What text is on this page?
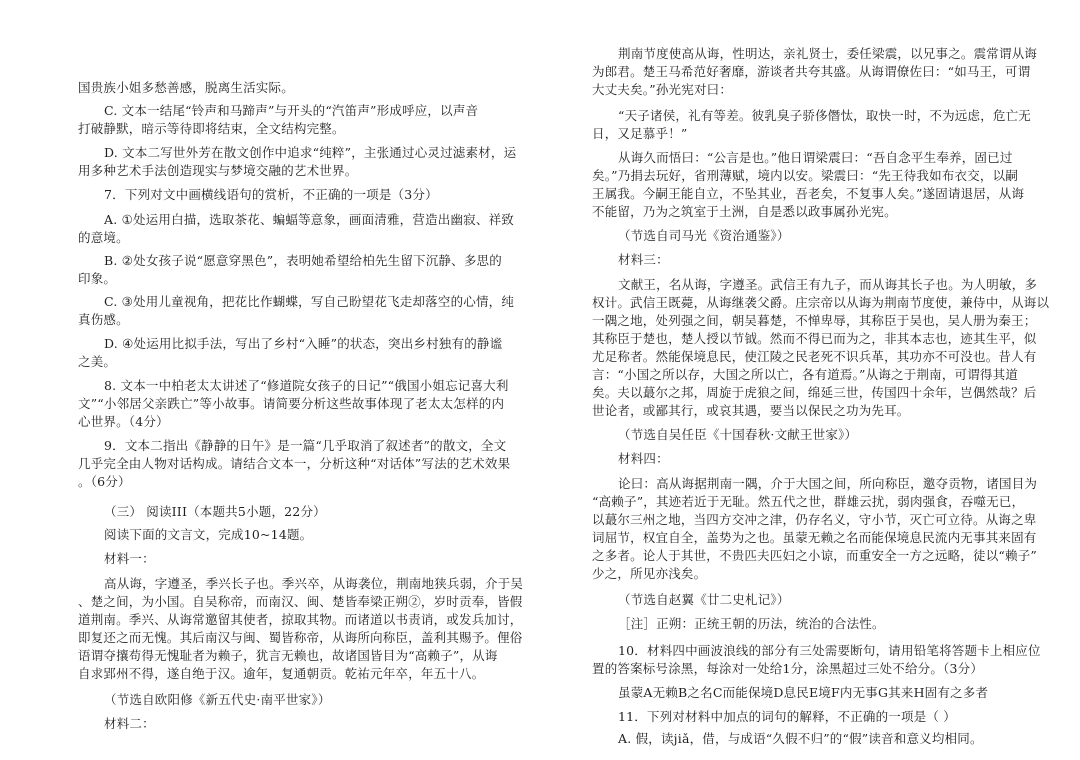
国贵族小姐多愁善感，脱离生活实际。
C. 文本一结尾“铃声和马蹄声”与开头的“汽笛声”形成呼应，以声音
打破静默，暗示等待即将结束，全文结构完整。
D. 文本二写世外芳在散文创作中追求“纯粹”，主张通过心灵过滤素材，运
用多种艺术手法创造现实与梦境交融的艺术世界。
7．下列对文中画横线语句的赏析，不正确的一项是（3分）
A. ①处运用白描，选取茶花、蝙蝠等意象，画面清雅，营造出幽寂、祥致
的意境。
B. ②处女孩子说“愿意穿黑色”，表明她希望给柏先生留下沉静、多思的
印象。
C. ③处用儿童视角，把花比作蝴蝶，写自己盼望花飞走却落空的心情，纯
真伤感。
D. ④处运用比拟手法，写出了乡村“入睡”的状态，突出乡村独有的静谧
之美。
8. 文本一中柏老太太讲述了“修道院女孩子的日记”“俄国小姐忘记喜大利
文”“小邻居父亲跌亡”等小故事。请简要分析这些故事体现了老太太怎样的内
心世界。（4分）
9．文本二指出《静静的日午》是一篇“几乎取消了叙述者”的散文，全文
几乎完全由人物对话构成。请结合文本一，分析这种“对话体”写法的艺术效果
。（6分）
（三） 阅读III（本题共5小题，22分）
阅读下面的文言文，完成10~14题。
材料一：
高从诲，字遵圣，季兴长子也。季兴卒，从诲袭位，荆南地狭兵弱，介于吴
、楚之间，为小国。自吴称帝，而南汉、闽、楚皆奉梁正朔②，岁时贡奉，皆假
道荆南。季兴、从诲常邀留其使者，掠取其物。而诸道以书责诮，或发兵加讨，
即复还之而无愧。其后南汉与闽、蜀皆称帝，从诲所向称臣，盖利其赐予。俚俗
语谓夺攘苟得无愧耻者为赖子，犹言无赖也，故诸国皆目为“高赖子”，从诲
自求郢州不得，遂自绝于汉。逾年，复通朝贡。乾祐元年卒，年五十八。
（节选自欧阳修《新五代史·南平世家》）
材料二：
荆南节度使高从诲，性明达，亲礼贤士，委任梁震，以兄事之。震常谓从诲
为郎君。楚王马希范好奢靡，游谈者共夸其盛。从诲谓僚佐曰：“如马王，可谓
大丈夫矣。”孙光宪对曰：
“天子诸侯，礼有等差。彼乳臭子骄侈僭忲，取快一时，不为远虑，危亡无
日，又足慕乎！”
从诲久而悟曰：“公言是也。”他日谓梁震曰：“吾自念平生奉养，固已过
矣。”乃捐去玩好，省刑薄赋，境内以安。梁震曰：“先王待我如布衣交，以嗣
王属我。今嗣王能自立，不坠其业，吾老矣，不复事人矣。”遂固请退居，从诲
不能留，乃为之筑室于土洲，自是悉以政事属孙光宪。
（节选自司马光《资治通鉴》）
材料三：
文献王，名从诲，字遵圣。武信王有九子，而从诲其长子也。为人明敏，多
权计。武信王既薨，从诲继袭父爵。庄宗帝以从诲为荆南节度使，兼侍中，从诲以
一隅之地，处列强之间，朝吴暮楚，不惮卑辱，其称臣于吴也，吴人册为秦王；
其称臣于楚也，楚人授以节钺。然而不得已而为之，非其本志也，迹其生平，似
尤足称者。然能保境息民，使江陵之民老死不识兵革，其功亦不可没也。昔人有
言：“小国之所以存，大国之所以亡，各有道焉。”从诲之于荆南，可谓得其道
矣。夫以蕞尔之邦，周旋于虎狼之间，绵延三世，传国四十余年，岂偶然哉？后
世论者，或鄙其行，或哀其遇，要当以保民之功为先耳。
（节选自吴任臣《十国春秋·文献王世家》）
材料四：
论曰：高从诲据荆南一隅，介于大国之间，所向称臣，邀夺贡物，诸国目为
“高赖子”，其迹若近于无耻。然五代之世，群雄云扰，弱肉强食，吞噬无已，
以蕞尔三州之地，当四方交冲之津，仍存名义，守小节，灭亡可立待。从诲之卑
词屈节，权宜自全，盖势为之也。虽蒙无赖之名而能保境息民流内无事其来固有
之多者。论人于其世，不贵匹夫匹妇之小谅，而重安全一方之远略，徒以“赖子”
少之，所见亦浅矣。
（节选自赵翼《廿二史札记》）
［注］正朔：正统王朝的历法，统治的合法性。
10．材料四中画波浪线的部分有三处需要断句，请用铅笔将答题卡上相应位
置的答案标号涂黑，每涂对一处给1分，涂黑超过三处不给分。（3分）
虽蒙A无赖B之名C而能保境D息民E境F内无事G其来H固有之多者
11．下列对材料中加点的词句的解释，不正确的一项是（ ）
A. 假，读jiǎ，借，与成语“久假不归”的“假”读音和意义均相同。
